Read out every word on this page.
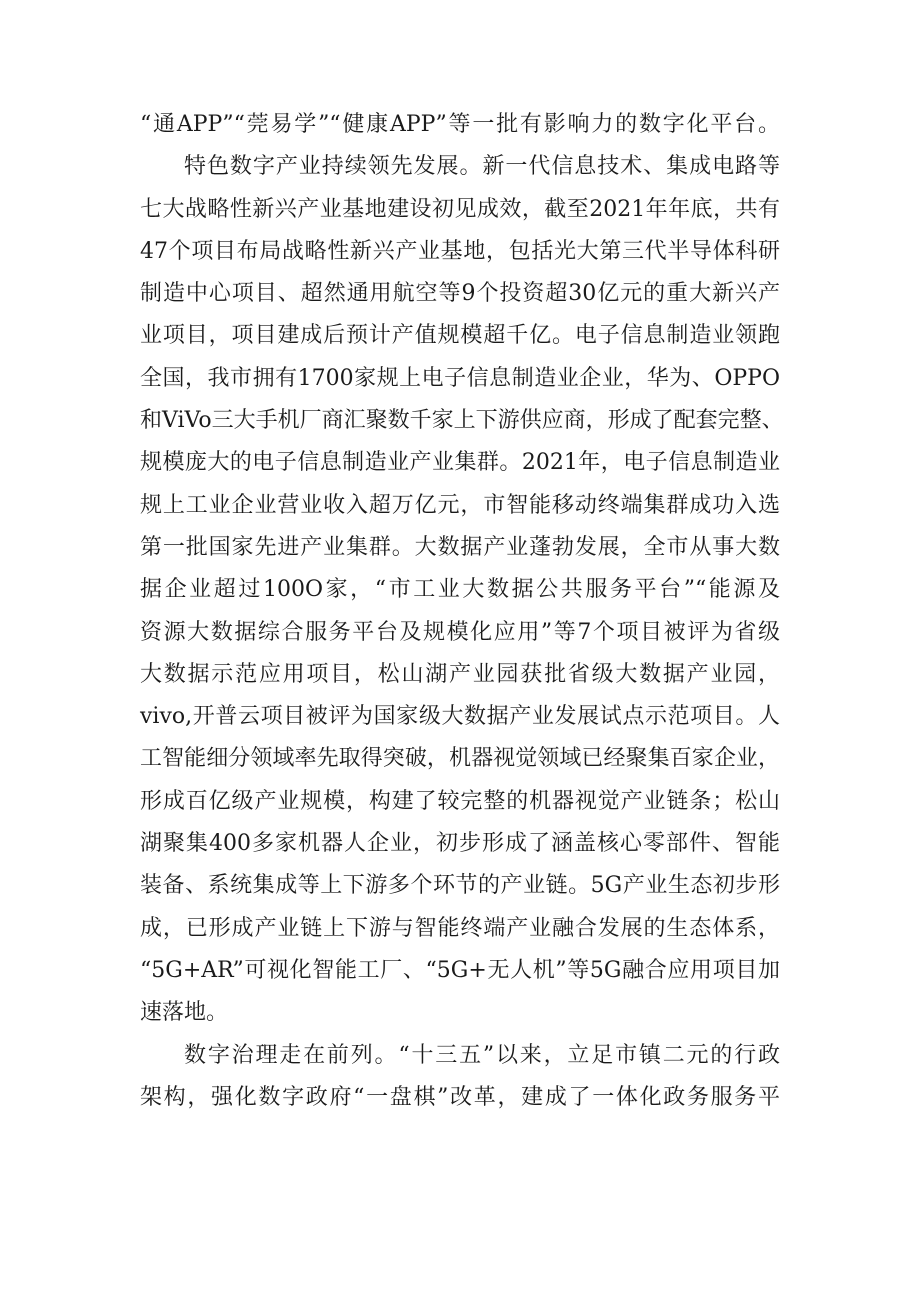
“通APP”“莞易学”“健康APP”等一批有影响力的数字化平台。
特色数字产业持续领先发展。新一代信息技术、集成电路等
七大战略性新兴产业基地建设初见成效，截至2021年年底，共有
47个项目布局战略性新兴产业基地，包括光大第三代半导体科研
制造中心项目、超然通用航空等9个投资超30亿元的重大新兴产
业项目，项目建成后预计产值规模超千亿。电子信息制造业领跑
全国，我市拥有1700家规上电子信息制造业企业，华为、OPPO
和ViVo三大手机厂商汇聚数千家上下游供应商，形成了配套完整、
规模庞大的电子信息制造业产业集群。2021年，电子信息制造业
规上工业企业营业收入超万亿元，市智能移动终端集群成功入选
第一批国家先进产业集群。大数据产业蓬勃发展，全市从事大数
据企业超过100O家，“市工业大数据公共服务平台”“能源及
资源大数据综合服务平台及规模化应用”等7个项目被评为省级
大数据示范应用项目，松山湖产业园获批省级大数据产业园，
vivo,开普云项目被评为国家级大数据产业发展试点示范项目。人
工智能细分领域率先取得突破，机器视觉领域已经聚集百家企业，
形成百亿级产业规模，构建了较完整的机器视觉产业链条；松山
湖聚集400多家机器人企业，初步形成了涵盖核心零部件、智能
装备、系统集成等上下游多个环节的产业链。5G产业生态初步形
成，已形成产业链上下游与智能终端产业融合发展的生态体系，
“5G+AR”可视化智能工厂、“5G+无人机”等5G融合应用项目加
速落地。
数字治理走在前列。“十三五”以来，立足市镇二元的行政
架构，强化数字政府“一盘棋”改革，建成了一体化政务服务平
